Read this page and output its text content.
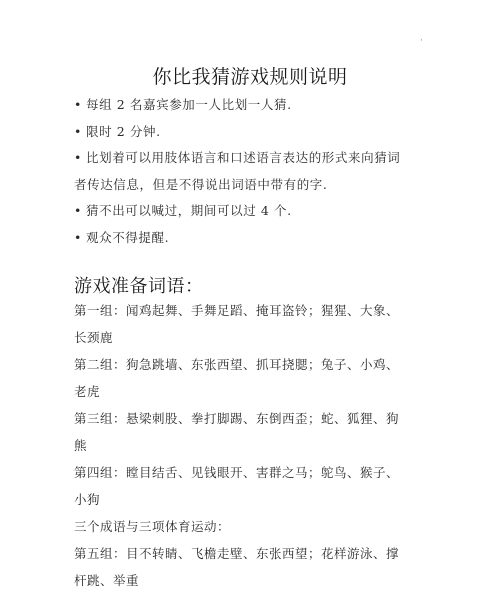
·
你比我猜游戏规则说明
• 每组 2 名嘉宾参加一人比划一人猜.
• 限时 2 分钟.
• 比划着可以用肢体语言和口述语言表达的形式来向猜词
者传达信息，但是不得说出词语中带有的字.
• 猜不出可以喊过，期间可以过 4 个.
• 观众不得提醒.
游戏准备词语：
第一组：闻鸡起舞、手舞足蹈、掩耳盗铃；猩猩、大象、
长颈鹿
第二组：狗急跳墙、东张西望、抓耳挠腮；兔子、小鸡、
老虎
第三组：悬梁刺股、拳打脚踢、东倒西歪；蛇、狐狸、狗
熊
第四组：瞠目结舌、见钱眼开、害群之马；鸵鸟、猴子、
小狗
三个成语与三项体育运动：
第五组：目不转睛、飞檐走壁、东张西望；花样游泳、撑
杆跳、举重
